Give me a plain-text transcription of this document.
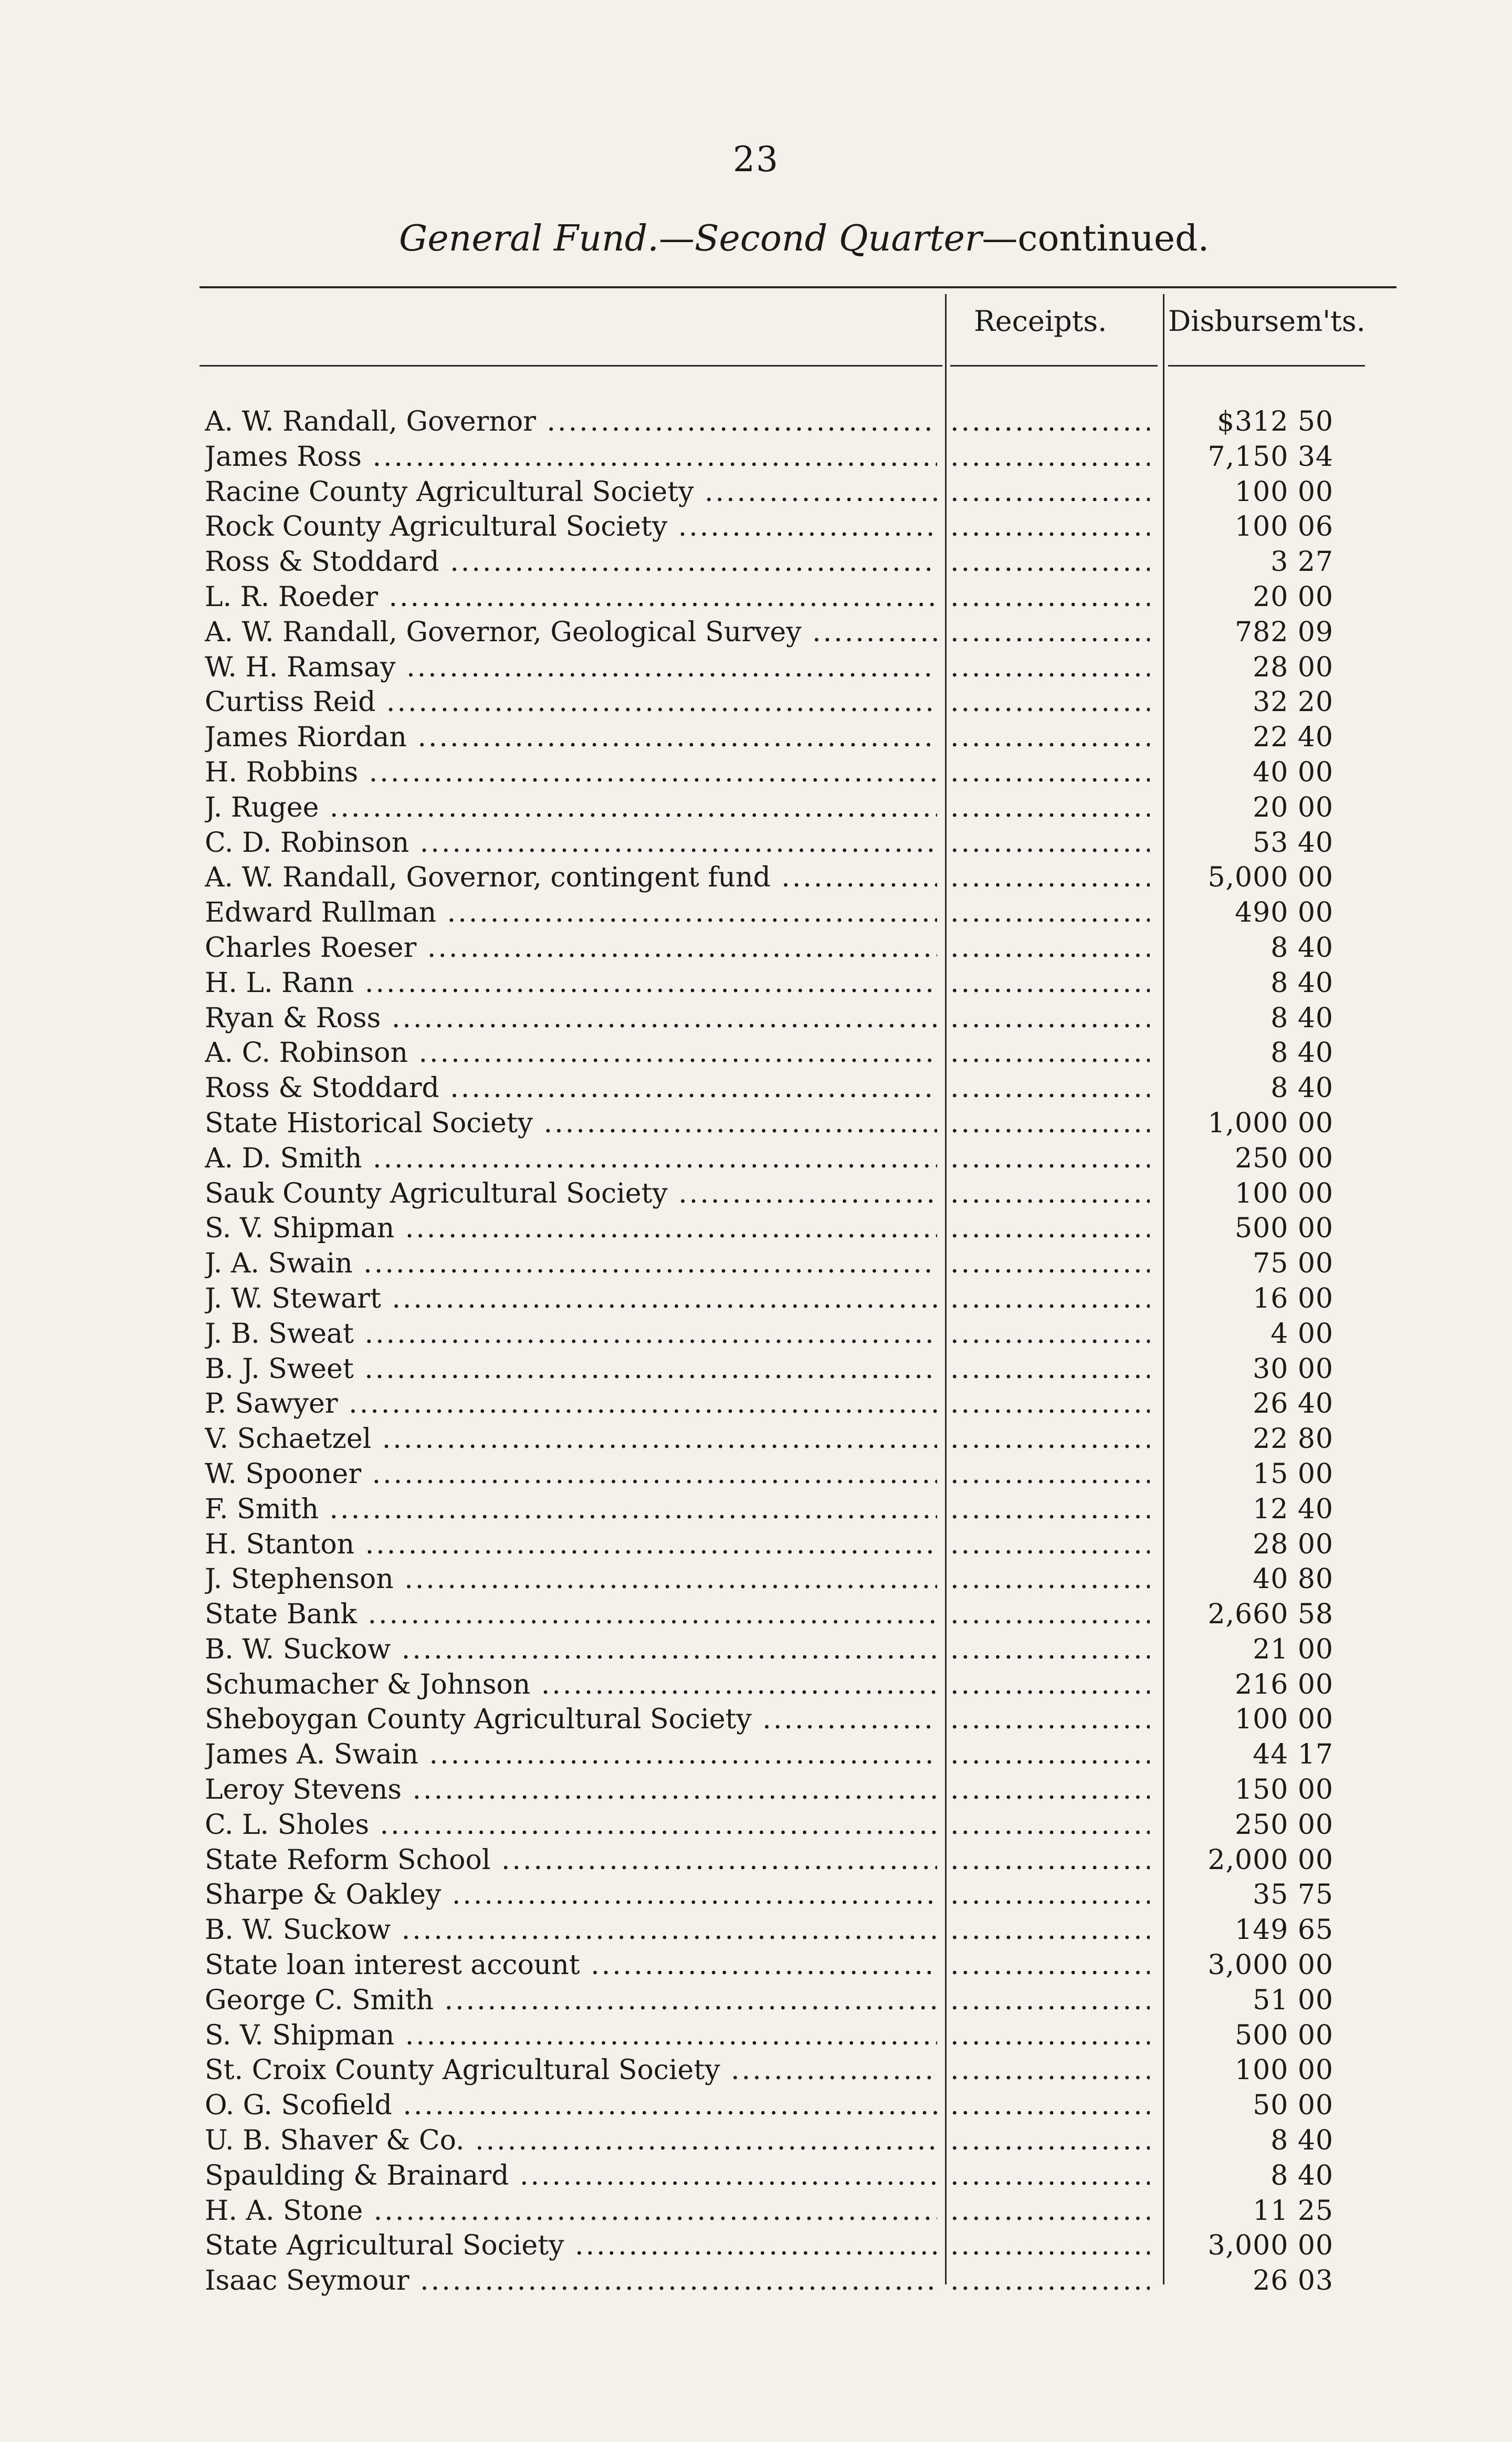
23
General Fund.—Second Quarter—continued.
Receipts. Disbursem'ts.
A. W. Randall, Governor ..... .....	$312 50
James Ross ..... .....	7,150 34
Racine County Agricultural Society ..... .....	100 00
Rock County Agricultural Society ..... .....	100 06
Ross & Stoddard ..... .....	3 27
L. R. Roeder ..... .....	20 00
A. W. Randall, Governor, Geological Survey ..... .....	782 09
W. H. Ramsay ..... .....	28 00
Curtiss Reid ..... .....	32 20
James Riordan ..... .....	22 40
H. Robbins ..... .....	40 00
J. Rugee ..... .....	20 00
C. D. Robinson ..... .....	53 40
A. W. Randall, Governor, contingent fund ..... .....	5,000 00
Edward Rullman ..... .....	490 00
Charles Roeser ..... .....	8 40
H. L. Rann ..... .....	8 40
Ryan & Ross ..... .....	8 40
A. C. Robinson ..... .....	8 40
Ross & Stoddard ..... .....	8 40
State Historical Society ..... .....	1,000 00
A. D. Smith ..... .....	250 00
Sauk County Agricultural Society ..... .....	100 00
S. V. Shipman ..... .....	500 00
J. A. Swain ..... .....	75 00
J. W. Stewart ..... .....	16 00
J. B. Sweat ..... .....	4 00
B. J. Sweet ..... .....	30 00
P. Sawyer ..... .....	26 40
V. Schaetzel ..... .....	22 80
W. Spooner ..... .....	15 00
F. Smith ..... .....	12 40
H. Stanton ..... .....	28 00
J. Stephenson ..... .....	40 80
State Bank ..... .....	2,660 58
B. W. Suckow ..... .....	21 00
Schumacher & Johnson ..... .....	216 00
Sheboygan County Agricultural Society ..... .....	100 00
James A. Swain ..... .....	44 17
Leroy Stevens ..... .....	150 00
C. L. Sholes ..... .....	250 00
State Reform School ..... .....	2,000 00
Sharpe & Oakley ..... .....	35 75
B. W. Suckow ..... .....	149 65
State loan interest account ..... .....	3,000 00
George C. Smith ..... .....	51 00
S. V. Shipman ..... .....	500 00
St. Croix County Agricultural Society ..... .....	100 00
O. G. Scofield ..... .....	50 00
U. B. Shaver & Co. ..... .....	8 40
Spaulding & Brainard ..... .....	8 40
H. A. Stone ..... .....	11 25
State Agricultural Society ..... .....	3,000 00
Isaac Seymour ..... .....	26 03
